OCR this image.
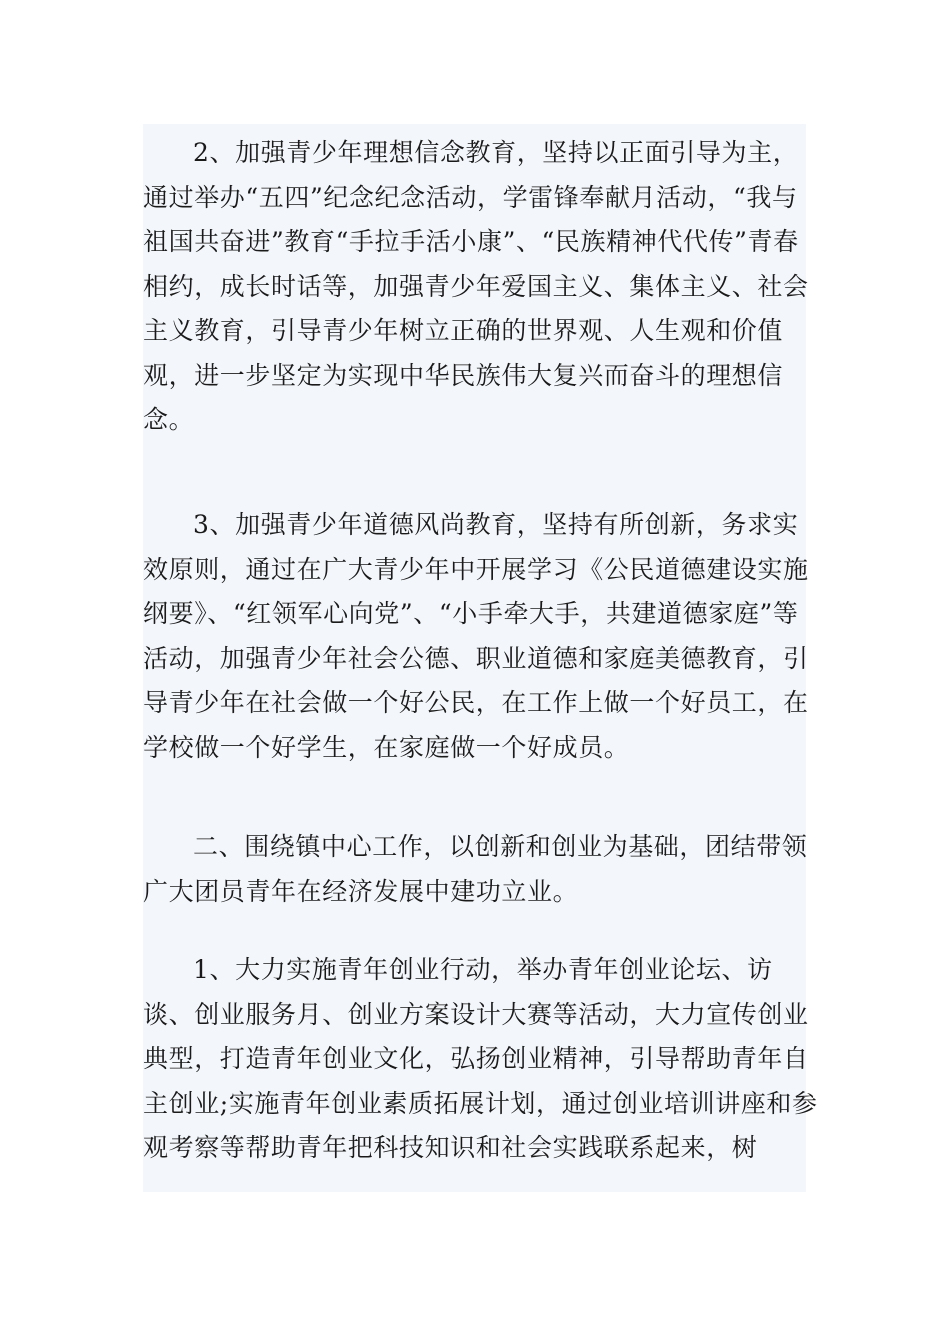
2、加强青少年理想信念教育，坚持以正面引导为主，通过举办“五四”纪念纪念活动，学雷锋奉献月活动，“我与祖国共奋进”教育“手拉手活小康”、“民族精神代代传”青春相约，成长时话等，加强青少年爱国主义、集体主义、社会主义教育，引导青少年树立正确的世界观、人生观和价值观，进一步坚定为实现中华民族伟大复兴而奋斗的理想信念。

3、加强青少年道德风尚教育，坚持有所创新，务求实效原则，通过在广大青少年中开展学习《公民道德建设实施纲要》、“红领军心向党”、“小手牵大手，共建道德家庭”等活动，加强青少年社会公德、职业道德和家庭美德教育，引导青少年在社会做一个好公民，在工作上做一个好员工，在学校做一个好学生，在家庭做一个好成员。

二、围绕镇中心工作，以创新和创业为基础，团结带领广大团员青年在经济发展中建功立业。

1、大力实施青年创业行动，举办青年创业论坛、访谈、创业服务月、创业方案设计大赛等活动，大力宣传创业典型，打造青年创业文化，弘扬创业精神，引导帮助青年自主创业;实施青年创业素质拓展计划，通过创业培训讲座和参观考察等帮助青年把科技知识和社会实践联系起来，树
